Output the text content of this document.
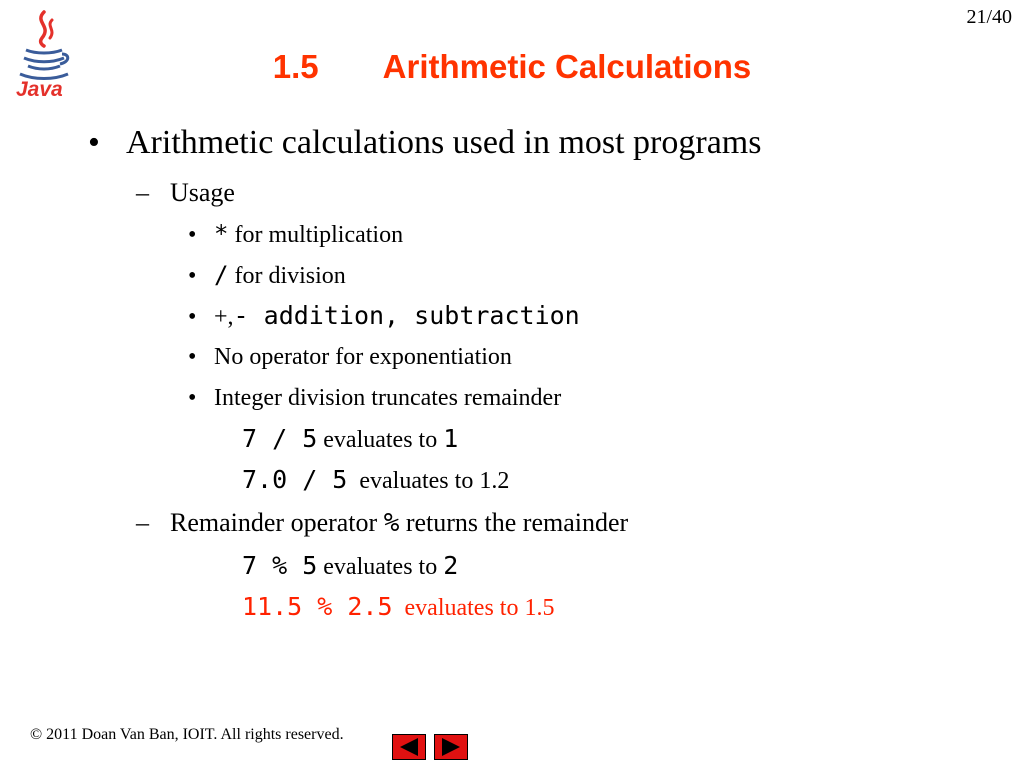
Java
21/40
1.5 Arithmetic Calculations
• Arithmetic calculations used in most programs
– Usage
• * for multiplication
• / for division
• +,- addition, subtraction
• No operator for exponentiation
• Integer division truncates remainder
7 / 5 evaluates to 1
7.0 / 5 evaluates to 1.2
– Remainder operator % returns the remainder
7 % 5 evaluates to 2
11.5 % 2.5 evaluates to 1.5
© 2011 Doan Van Ban, IOIT. All rights reserved.
